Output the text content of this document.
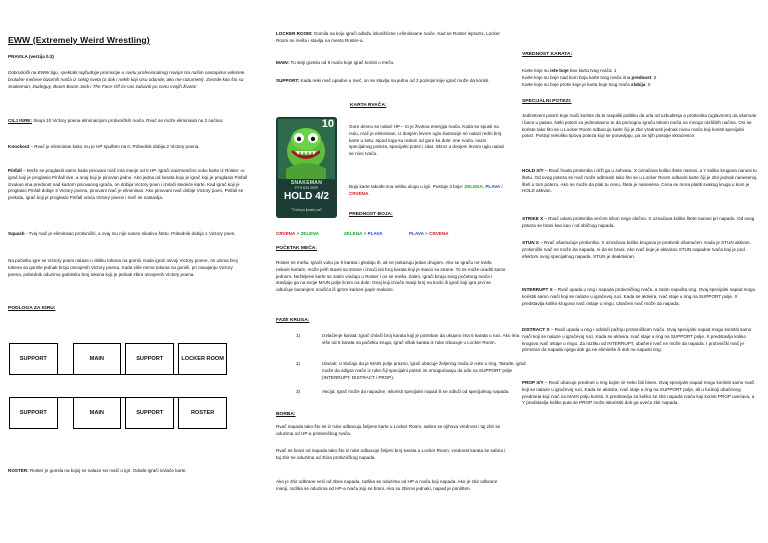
EWW (Extremely Weird Wrestling)

PRAVILA (verzija 0.3)

Dobrodošli na EWW ligu, spektakl najčudnije promocije u svetu profesionalnog rvanja! Na našim nastupima videćete brutalne mečeve bizarnih rvača iz celog sveta (a dak i nekih koji nisu odande, ako me razumete). Zvezde kao što su Snakeman, Dudeguy, Boom Boom Jack i The Face-Off će vas zabaviti po cenu svojih života!

CILJ IGRE: Skupi 10 Victory poena eliminacijom protivničkih rvača. Rvač se može eliminisati na 3 načina:

Knockout – Rvač je eliminisan kako mu je HP spušten na 0. Pobednik dobija 2 Victory poena.

Pinfall – Može se proglasiti samo kada pinovani rvač ima manje od 5 HP. Igrači naizmenično vuku karte iz Roster -a: igrač koji je proglasio Pinfall dve, a onaj koji je pinovan jednu. Ako jedna od karata koju je igrač koji je proglasio Pinfall izvukao ima prednost nad kartom pinovanog igrača, on dobija Victory poen i izvlači sledeće karte. Kad igrač koji je proglasio Pinfall dobije 3 Victory poena, pinovani rvač je eliminisan. Ako pinovani rvač dobije Victory poen, Pinfall se prekida, igrač koji je proglasio Pinfall vraća Victory poene i meč se nastavlja.

Squash - Tvoj rvač je eliminisao protivnički, a ovaj mu nije naneo nikakvu štetu. Pobednik dobija 1 Victory poen.

Na početku igre se Victory poeni nalaze u obliku tokena na gomili. Kada igrač osvoji Victory poene, on uzima broj tokena sa gomile jednak broju osvojenih Victory poena. Kada više nema tokena na gomili, pri osvajanju Victory poena, pobednik oduzima gubitniku broj tokena koji je jednak zbiru osvojenih Victory poena.

PODLOGA ZA IGRU:

SUPPORT		MAIN		SUPPORT		LOCKER ROOM

SUPPORT		MAIN		SUPPORT		ROSTER

ROSTER: Roster je gomila na kojoj se nalaze svi rvači u igri. Odatle igrači izvlače karte.

LOCKER ROOM: Gomila na koju igrači odlažu iskorišćene i eliminisane rvače. Kad se Roster isprazni, Locker Room se meša i stavlja na mesto Roster-a.

MAIN: Tu stoji gomila od 5 rvača koje igrač koristi u meču.

SUPPORT: Kada neki rvač upadne u meč, on se stavlja na jednu od 2 pozicije koje igrač može da koristi.

KARTA RVAČA:

10
SNAKEMAN
PYTHON GRIP
HOLD 4/2
"Ti ćeš po ljudski, pa!"

Gore desno se nalazi HP – to je životna energija rvača. Kada se spusti na nulu, rvač je eliminisan. U donjem levom uglu ilustracije se nalazi redni broj karte u setu. Ispod toga su redom od gore ka dole: ime rvača, naziv specijalnog poteza, specijalni potez i citat. Skroz u donjem levom uglu nalazi se nivo rvača.

Boja karte takođe ima veliku ulogu u igri. Postoje 3 boje: ZELENA, PLAVA i CRVENA.

PREDNOST BOJA:

CRVENA > ZELENA	ZELENA > PLAVA	PLAVA > CRVENA

POČETAK MEČA:

Roster se meša. Igrači vuku po 5 karata i gledaju ih, ali ne pokazuju jedan drugom. Ako se igraču ne sviđa neka/e karta/e, može je/ih staviti sa strane i izvući isti broj karata koji je stavio sa strane. To se može uraditi samo jednom. Neželjene karte se zatim vraćaju u Roster i on se meša. Zatim, igrači biraju svog početnog rvača i stavljaju ga na svoje MAIN polje licem na dole. Onaj koji izvuče manji broj na kocki ili igrač koji igra prvi se odlučuje bacanjem novčića ili igrom kamen-papir-makaze.

FAZE KRUGA:

1)	Izvlačenje karata: Igrač izvlači broj karata koji je potreban da ukupno ima 5 karata u ruci. Ako ima više od 5 karata na početku kruga, igrač višak karata iz ruke izbacuje u Locker Room.
2)	Ulazak: U slučaju da je MAIN polje prazno, igrač ubacuje željenog rvača iz ruke u ring. Takođe, igrač može da odigra rvače iz ruke čiji specijalni potezi im omogućavaju da uđu na SUPPORT polje (INTERRUPT, DISTRACT i PROP).
3)	Akcija: Igrač može da napadne, iskoristi specijalni napad ili se odluči od specijalnog napada.

BORBA:

Rvač napada tako što se iz ruke odbacuju željene karte u Locker Room, sabira se njihova vrednost i taj zbir se oduzima od HP-a protivničkog rvača.

Rvač se brani od napada tako što iz ruke odbacuje željeni broj karata u Locker Room, vrednost karata se sabira i taj zbir se oduzima od zbira protivničkog napada.

Ako je zbir odbrane veći od zbira napada, razlika se oduzima od HP-a rvača koji napada. Ako je zbir odbrane manji, razlika se oduzima od HP-a rvača koji se brani. Ako su zbirovi jednaki, napad je poništen.

VREDNOST KARATA:

Karte koje su iste boje kao karta tvog rvača: 1

Karte koje su boje nad kom boja karte tvog rvača ima prednost: 2

Karte koje su boje protiv koje je karta boje tvog rvača slabija: 0

SPECIJALNI POTEZI:

Jedinstveni potezi koje rvači koriste da bi raspalili publiku da urla od uzbuđenja a protivnika (uglavnom) da ošamute i bace u pakao. Neki potezi su jednostavno tu da pomognu igraču tokom meča na mnogo različitih načina. Oni se koriste tako što se u Locker Room odbacuju karte čiji je zbir vrednosti jednak nivou rvača koji koristi specijalni potez. Postoji nekoliko tipova poteza koji se ponavljaju, pa za njih postoje skraćenice:

HOLD X/Y – Rvač hvata protivnika i drži ga u zahvatu. X označava koliko štete nanosi, a Y koliko krugova nanosi tu štetu. Od ovog poteza se rvač može odbraniti tako što se u Locker Room odbaciti karte čiji je zbir jednak nanesenoj šteti u tom potezu. Ako ne može da plati tu cenu, šteta je nanesena. Cena se mora platiti svakog kruga u kom je HOLD aktivan.

STRIKE X – Rvač udara protivnika većom silom nego obično. X označava koliko štete nanosi pri napadu. Od ovog poteza se brani kao kao i od običnog napada.

STUN X – Rvač ošamućuje protivnika. X označava koliko krugova je protivnik ošamućen. Kada je STUN aktivan, protivnički rvač ne može da napada, ni da se brani. Ako rvač koje je aktivirao STUN napadne rvača koji je pod efektom ovog specijalnog napada, STUN je deaktiviran.

INTERRUPT X – Rvač upada u ring i napada protivničkog rvača, a zatim napušta ring. Ovaj specijalni napad mogu koristiti samo rvači koji se nalaze u igračevoj ruci. Kada se aktivira, rvač staje u ring na SUPPORT polje. X predstavlja koliko krugova rvač ostaje u ringu. Ubačeni rvač može da napada.

DISTRACT X – Rvač upada u ring i odvlači pažnju protivničkom rvaču. Ovaj specijalni napad mogu koristiti samo rvači koji se nalaze u igračevoj ruci. Kada se aktivira, rvač staje u ring na SUPPORT polje. X predstavlja koliko krugova rvač ostaje u ringu. Za razliku od INTERRUPT, ubačeni rvač ne može da napada. I protivnički rvač je primoran da napada njega dok ga ne eliminiše ili dok ne napusti ring.

PROP X/Y – Rvač ubacuje predmet u ring kojim će neko biti biven. Ovaj specijalni napad mogu koristiti samo rvači koji se nalaze u igračevoj ruci. Kada se aktivira, rvač staje u ring na SUPPORT polje, ali u funkciji ubačenog predmeta koji rvač na MAIN polju koristi. X predstavlja za koliko se zbir napada rvača koji koristi PROP uvećava, a Y predstavlja koliko puta se PROP može iskoristiti dok ga uveća zbir napada.
